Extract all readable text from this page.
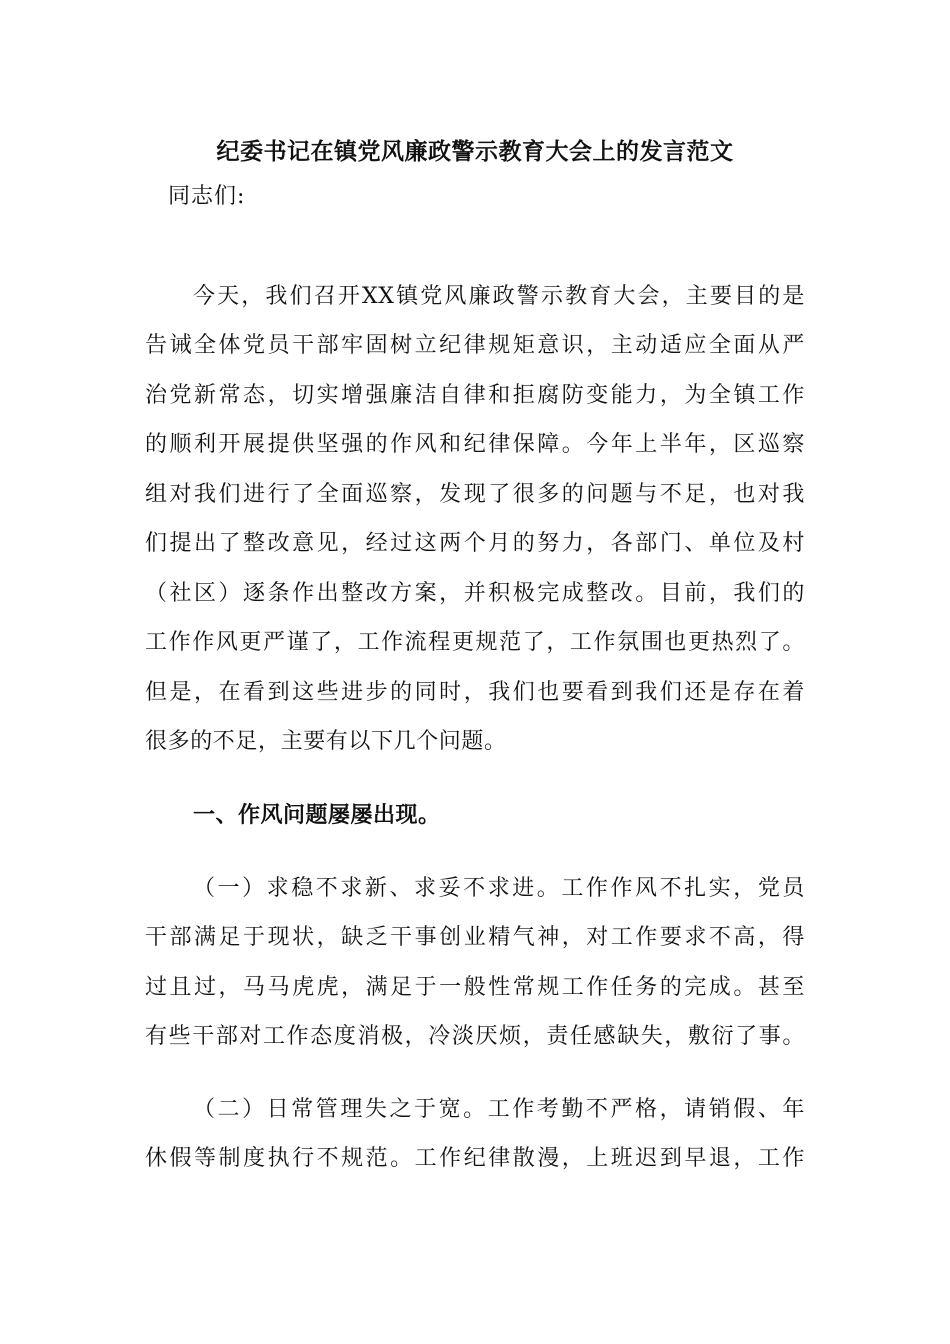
纪委书记在镇党风廉政警示教育大会上的发言范文
同志们:
今天，我们召开XX镇党风廉政警示教育大会，主要目的是
告诫全体党员干部牢固树立纪律规矩意识，主动适应全面从严
治党新常态，切实增强廉洁自律和拒腐防变能力，为全镇工作
的顺利开展提供坚强的作风和纪律保障。今年上半年，区巡察
组对我们进行了全面巡察，发现了很多的问题与不足，也对我
们提出了整改意见，经过这两个月的努力，各部门、单位及村
（社区）逐条作出整改方案，并积极完成整改。目前，我们的
工作作风更严谨了，工作流程更规范了，工作氛围也更热烈了。
但是，在看到这些进步的同时，我们也要看到我们还是存在着
很多的不足，主要有以下几个问题。
一、作风问题屡屡出现。
（一）求稳不求新、求妥不求进。工作作风不扎实，党员
干部满足于现状，缺乏干事创业精气神，对工作要求不高，得
过且过，马马虎虎，满足于一般性常规工作任务的完成。甚至
有些干部对工作态度消极，冷淡厌烦，责任感缺失，敷衍了事。
（二）日常管理失之于宽。工作考勤不严格，请销假、年
休假等制度执行不规范。工作纪律散漫，上班迟到早退，工作
